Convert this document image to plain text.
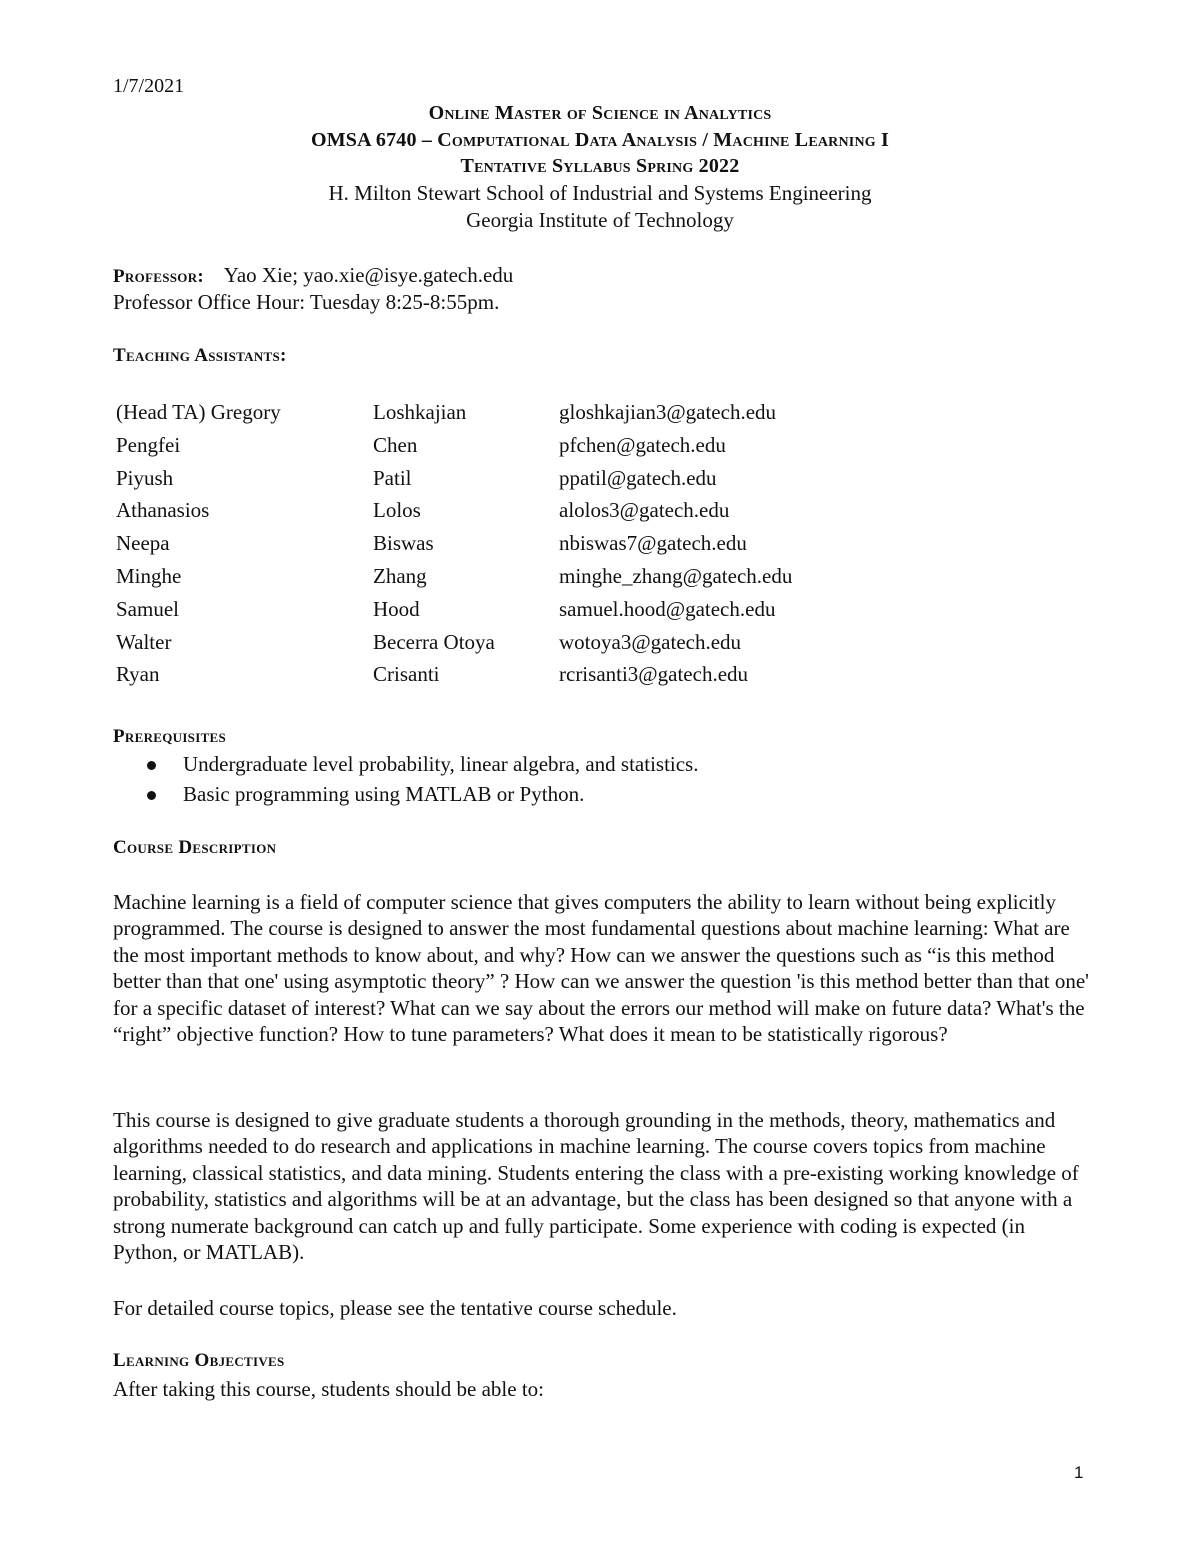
1/7/2021
Online Master of Science in Analytics
OMSA 6740 – Computational Data Analysis / Machine Learning I
Tentative Syllabus Spring 2022
H. Milton Stewart School of Industrial and Systems Engineering
Georgia Institute of Technology
Professor: Yao Xie; yao.xie@isye.gatech.edu
Professor Office Hour: Tuesday 8:25-8:55pm.
Teaching Assistants:
(Head TA) Gregory	Loshkajian	gloshkajian3@gatech.edu
Pengfei	Chen	pfchen@gatech.edu
Piyush	Patil	ppatil@gatech.edu
Athanasios	Lolos	alolos3@gatech.edu
Neepa	Biswas	nbiswas7@gatech.edu
Minghe	Zhang	minghe_zhang@gatech.edu
Samuel	Hood	samuel.hood@gatech.edu
Walter	Becerra Otoya	wotoya3@gatech.edu
Ryan	Crisanti	rcrisanti3@gatech.edu
Prerequisites
Undergraduate level probability, linear algebra, and statistics.
Basic programming using MATLAB or Python.
Course Description

Machine learning is a field of computer science that gives computers the ability to learn without being explicitly programmed. The course is designed to answer the most fundamental questions about machine learning: What are the most important methods to know about, and why? How can we answer the questions such as “is this method better than that one' using asymptotic theory” ? How can we answer the question 'is this method better than that one' for a specific dataset of interest? What can we say about the errors our method will make on future data? What's the “right” objective function? How to tune parameters? What does it mean to be statistically rigorous?

This course is designed to give graduate students a thorough grounding in the methods, theory, mathematics and algorithms needed to do research and applications in machine learning. The course covers topics from machine learning, classical statistics, and data mining. Students entering the class with a pre-existing working knowledge of probability, statistics and algorithms will be at an advantage, but the class has been designed so that anyone with a strong numerate background can catch up and fully participate. Some experience with coding is expected (in Python, or MATLAB).

For detailed course topics, please see the tentative course schedule.

Learning Objectives
After taking this course, students should be able to:
1
